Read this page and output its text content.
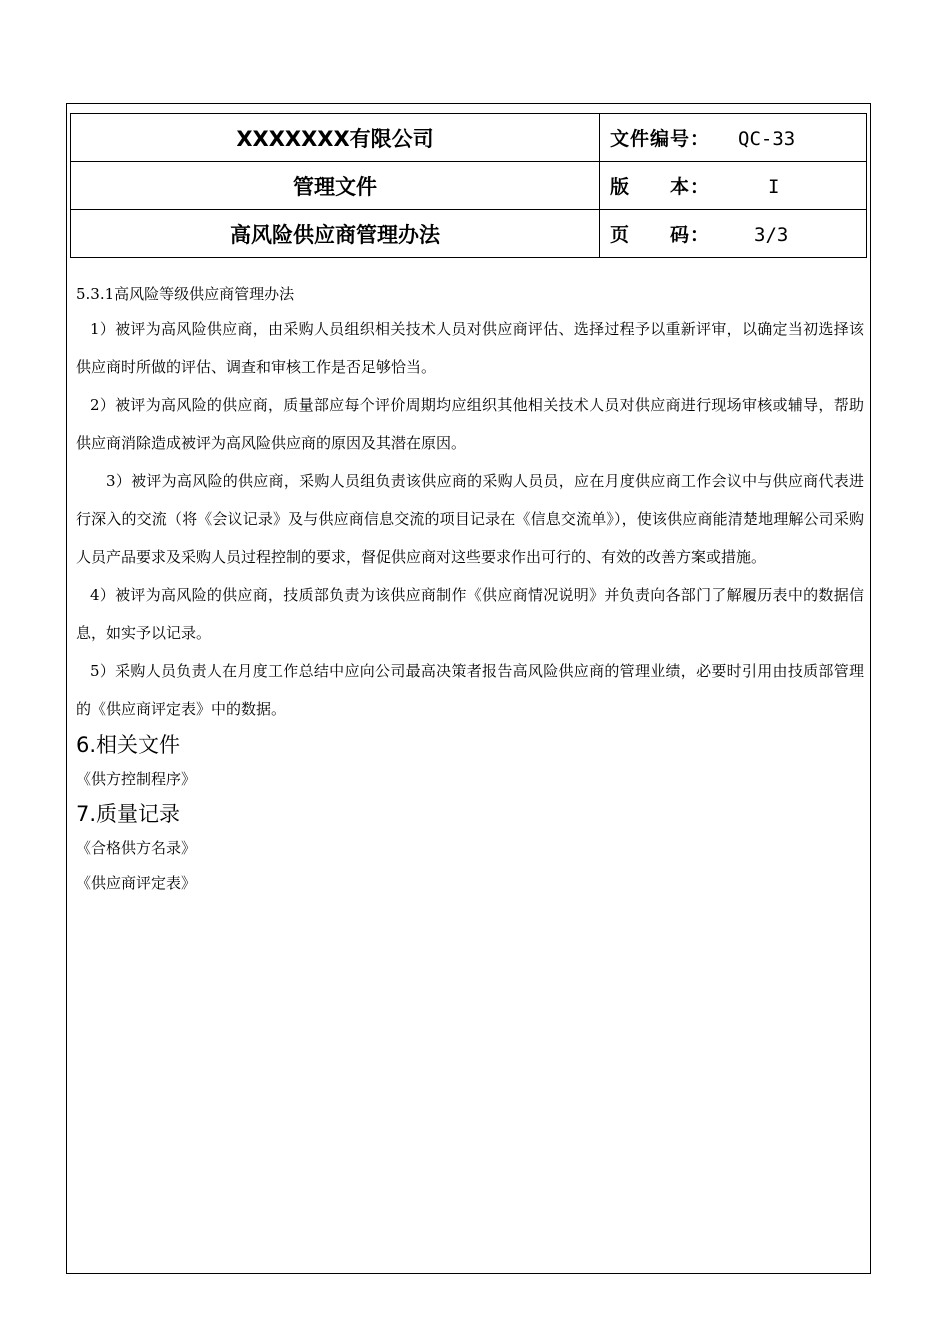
XXXXXXX有限公司	文件编号： QC-33
管理文件	版　　本： I
高风险供应商管理办法	页　　码： 3/3

5.3.1高风险等级供应商管理办法

1）被评为高风险供应商，由采购人员组织相关技术人员对供应商评估、选择过程予以重新评审，以确定当初选择该供应商时所做的评估、调查和审核工作是否足够恰当。

2）被评为高风险的供应商，质量部应每个评价周期均应组织其他相关技术人员对供应商进行现场审核或辅导，帮助供应商消除造成被评为高风险供应商的原因及其潜在原因。

3）被评为高风险的供应商，采购人员组负责该供应商的采购人员员，应在月度供应商工作会议中与供应商代表进行深入的交流（将《会议记录》及与供应商信息交流的项目记录在《信息交流单》），使该供应商能清楚地理解公司采购人员产品要求及采购人员过程控制的要求，督促供应商对这些要求作出可行的、有效的改善方案或措施。

4）被评为高风险的供应商，技质部负责为该供应商制作《供应商情况说明》并负责向各部门了解履历表中的数据信息，如实予以记录。

5）采购人员负责人在月度工作总结中应向公司最高决策者报告高风险供应商的管理业绩，必要时引用由技质部管理的《供应商评定表》中的数据。

6.相关文件

《供方控制程序》

7.质量记录

《合格供方名录》

《供应商评定表》
